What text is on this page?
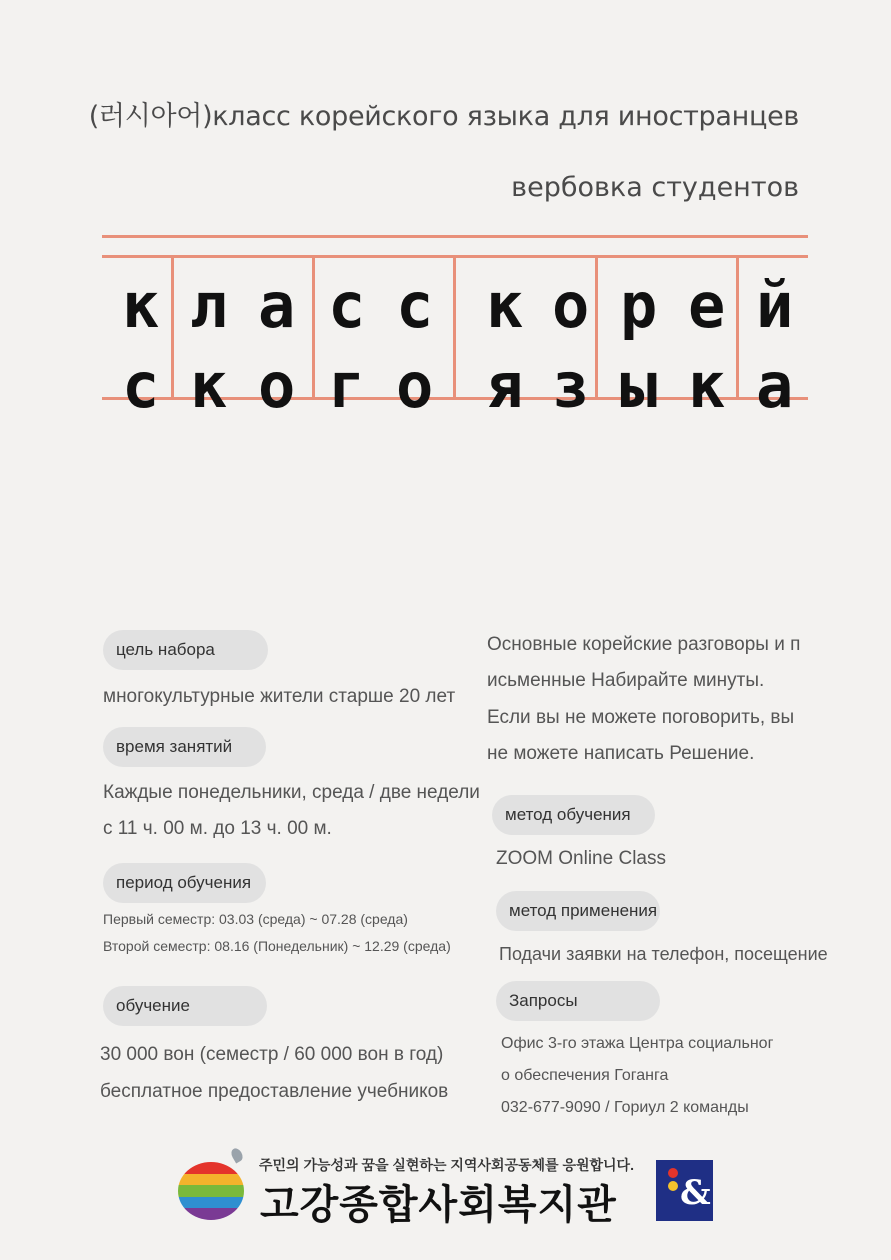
(러시아어)класс корейского языка для иностранцев
вербовка студентов
к л а с с к о р е й
с к о г о я з ы к а
цель набора
многокультурные жители старше 20 лет
время занятий
Каждые понедельники, среда / две недели
с 11 ч. 00 м. до 13 ч. 00 м.
период обучения
Первый семестр: 03.03 (среда) ~ 07.28 (среда)
Второй семестр: 08.16 (Понедельник) ~ 12.29 (среда)
обучение
30 000 вон (семестр / 60 000 вон в год)
бесплатное предоставление учебников
Основные корейские разговоры и п
исьменные Набирайте минуты.
Если вы не можете поговорить, вы
не можете написать Решение.
метод обучения
ZOOM Online Class
метод применения
Подачи заявки на телефон, посещение
Запросы
Офис 3-го этажа Центра социальног
о обеспечения Гоганга
032-677-9090 / Гориул 2 команды
주민의 가능성과 꿈을 실현하는 지역사회공동체를 응원합니다.
고강종합사회복지관 &
